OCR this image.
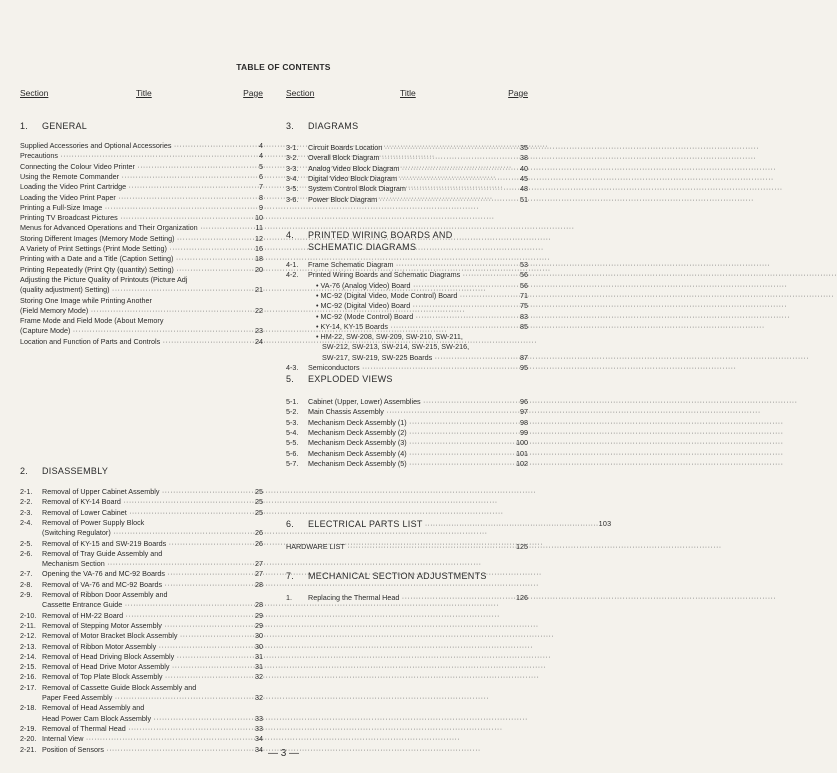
TABLE OF CONTENTS
Section	Title	Page
1.	GENERAL
Supplied Accessories and Optional Accessories ·····	4
Precautions ·····	4
Connecting the Colour Video Printer ·····	5
Using the Remote Commander ·····	6
Loading the Video Print Cartridge ·····	7
Loading the Video Print Paper ·····	8
Printing a Full-Size Image ·····	9
Printing TV Broadcast Pictures ·····	10
Menus for Advanced Operations and Their Organization ·····	11
Storing Different Images (Memory Mode Setting) ·····	12
A Variety of Print Settings (Print Mode Setting) ·····	16
Printing with a Date and a Title (Caption Setting) ·····	18
Printing Repeatedly (Print Qty (quantity) Setting) ·····	20
Adjusting the Picture Quality of Printouts (Picture Adj
(quality adjustment) Setting) ·····	21
Storing One Image while Printing Another
(Field Memory Mode) ·····	22
Frame Mode and Field Mode (About Memory
(Capture Mode) ·····	23
Location and Function of Parts and Controls ·····	24
2.	DISASSEMBLY
2-1. Removal of Upper Cabinet Assembly ·····	25
2-2. Removal of KY-14 Board ·····	25
2-3. Removal of Lower Cabinet ·····	25
2-4. Removal of Power Supply Block
(Switching Regulator) ·····	26
2-5. Removal of KY-15 and SW-219 Boards ·····	26
2-6. Removal of Tray Guide Assembly and
Mechanism Section ·····	27
2-7. Opening the VA-76 and MC-92 Boards ·····	27
2-8. Removal of VA-76 and MC-92 Boards ·····	28
2-9. Removal of Ribbon Door Assembly and
Cassette Entrance Guide ·····	28
2-10. Removal of HM-22 Board ·····	29
2-11. Removal of Stepping Motor Assembly ·····	29
2-12. Removal of Motor Bracket Block Assembly ·····	30
2-13. Removal of Ribbon Motor Assembly ·····	30
2-14. Removal of Head Driving Block Assembly ·····	31
2-15. Removal of Head Drive Motor Assembly ·····	31
2-16. Removal of Top Plate Block Assembly ·····	32
2-17. Removal of Cassette Guide Block Assembly and
Paper Feed Assembly ·····	32
2-18. Removal of Head Assembly and
Head Power Cam Block Assembly ·····	33
2-19. Removal of Thermal Head ·····	33
2-20. Internal View ·····	34
2-21. Position of Sensors ·····	34
Section	Title	Page
3.	DIAGRAMS
3-1. Circuit Boards Location ·····	35
3-2. Overall Block Diagram ·····	38
3-3. Analog Video Block Diagram ·····	40
3-4. Digital Video Block Diagram ·····	45
3-5. System Control Block Diagram ·····	48
3-6. Power Block Diagram ·····	51
4.	PRINTED WIRING BOARDS AND
SCHEMATIC DIAGRAMS
4-1. Frame Schematic Diagram ·····	53
4-2. Printed Wiring Boards and Schematic Diagrams ·····	56
• VA-76 (Analog Video) Board ·····	56
• MC-92 (Digital Video, Mode Control) Board ·····	71
• MC-92 (Digital Video) Board ·····	75
• MC-92 (Mode Control) Board ·····	83
• KY-14, KY-15 Boards ·····	85
• HM-22, SW-208, SW-209, SW-210, SW-211,
SW-212, SW-213, SW-214, SW-215, SW-216,
SW-217, SW-219, SW-225 Boards ·····	87
4-3. Semiconductors ·····	95
5.	EXPLODED VIEWS
5-1. Cabinet (Upper, Lower) Assemblies ·····	96
5-2. Main Chassis Assembly ·····	97
5-3. Mechanism Deck Assembly (1) ·····	98
5-4. Mechanism Deck Assembly (2) ·····	99
5-5. Mechanism Deck Assembly (3) ·····	100
5-6. Mechanism Deck Assembly (4) ·····	101
5-7. Mechanism Deck Assembly (5) ·····	102
6.	ELECTRICAL PARTS LIST ·································································· 103
HARDWARE LIST ·····	125
7.	MECHANICAL SECTION ADJUSTMENTS
1. Replacing the Thermal Head ·····	126
— 3 —
